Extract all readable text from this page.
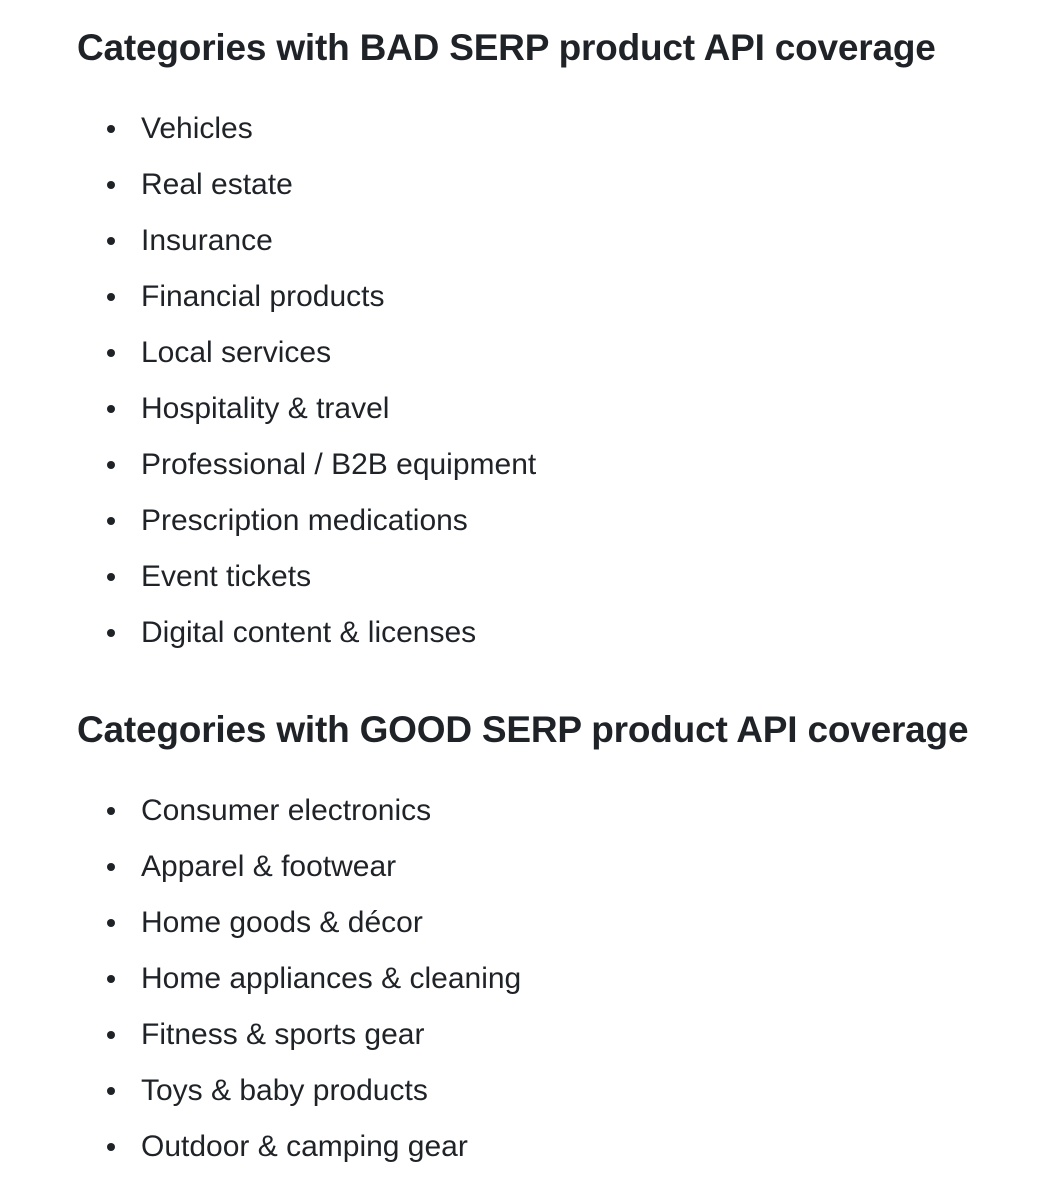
Categories with BAD SERP product API coverage
Vehicles
Real estate
Insurance
Financial products
Local services
Hospitality & travel
Professional / B2B equipment
Prescription medications
Event tickets
Digital content & licenses
Categories with GOOD SERP product API coverage
Consumer electronics
Apparel & footwear
Home goods & décor
Home appliances & cleaning
Fitness & sports gear
Toys & baby products
Outdoor & camping gear
